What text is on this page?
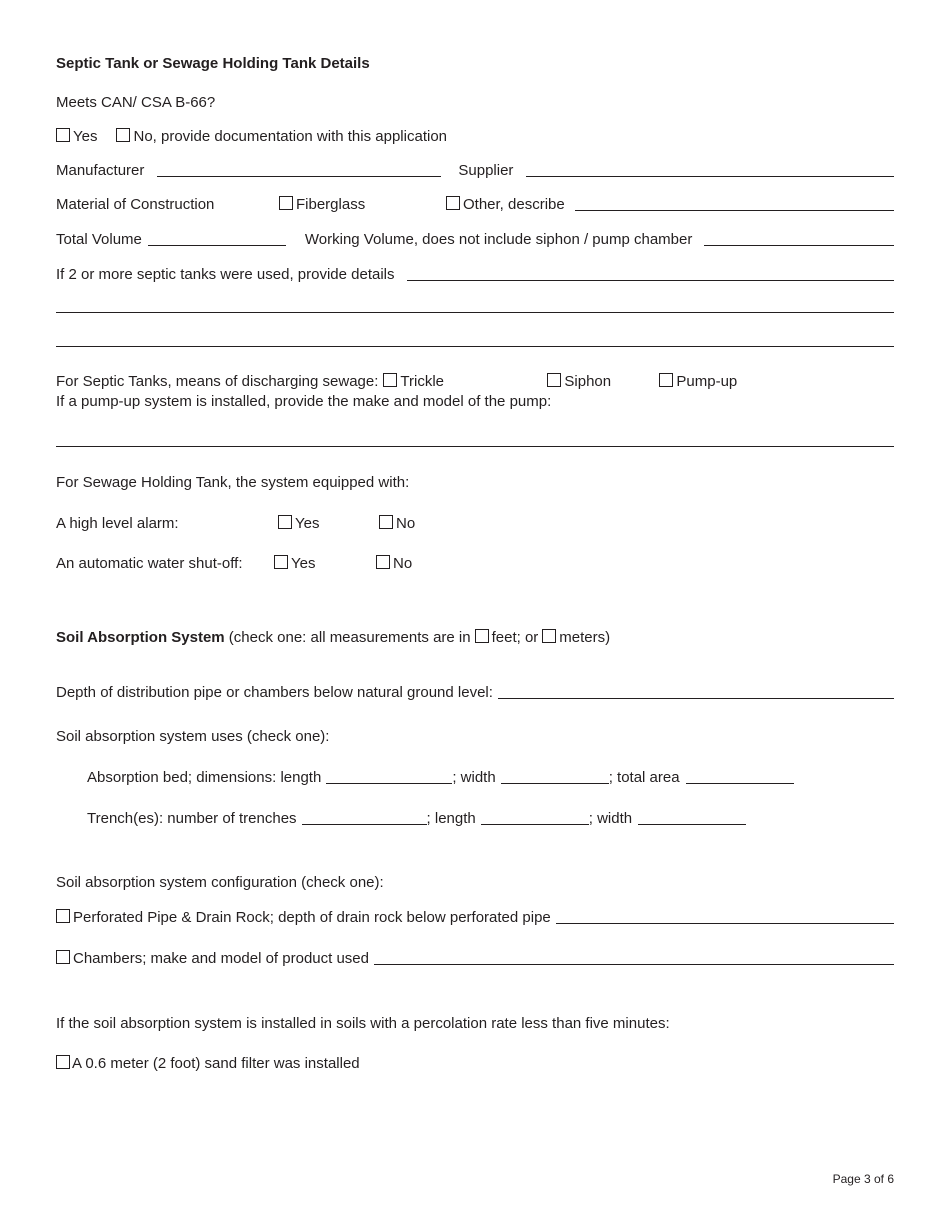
Septic Tank or Sewage Holding Tank Details
Meets CAN/ CSA B-66?
Yes No, provide documentation with this application
Manufacturer	Supplier
Material of Construction	Fiberglass	Other, describe
Total Volume	Working Volume, does not include siphon / pump chamber
If 2 or more septic tanks were used, provide details
For Septic Tanks, means of discharging sewage: Trickle	Siphon	Pump-up
If a pump-up system is installed, provide the make and model of the pump:
For Sewage Holding Tank, the system equipped with:
A high level alarm:	Yes	No
An automatic water shut-off:	Yes	No
Soil Absorption System (check one: all measurements are in feet; or meters)
Depth of distribution pipe or chambers below natural ground level:
Soil absorption system uses (check one):
Absorption bed; dimensions: length	; width	; total area
Trench(es): number of trenches	; length	; width
Soil absorption system configuration (check one):
Perforated Pipe & Drain Rock; depth of drain rock below perforated pipe
Chambers; make and model of product used
If the soil absorption system is installed in soils with a percolation rate less than five minutes:
A 0.6 meter (2 foot) sand filter was installed
Page 3 of 6
